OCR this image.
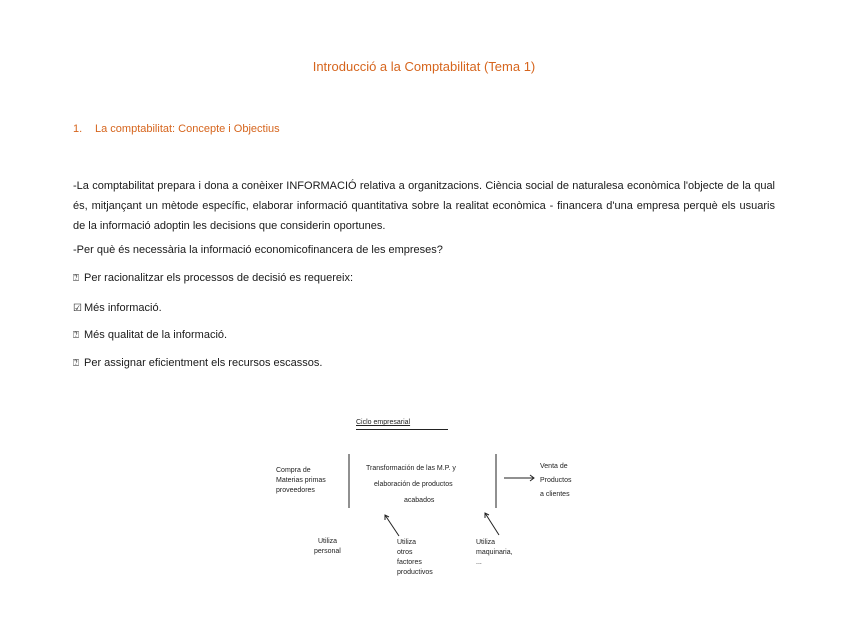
Introducció a la Comptabilitat (Tema 1)
1. La comptabilitat: Concepte i Objectius
-La comptabilitat prepara i dona a conèixer INFORMACIÓ relativa a organitzacions. Ciència social de naturalesa econòmica l'objecte de la qual és, mitjançant un mètode específic, elaborar informació quantitativa sobre la realitat econòmica - financera d'una empresa perquè els usuaris de la informació adoptin les decisions que considerin oportunes.
-Per què és necessària la informació economicofinancera de les empreses?
⍰ Per racionalitzar els processos de decisió es requereix:
☑ Més informació.
⍰ Més qualitat de la informació.
⍰ Per assignar eficientment els recursos escassos.
Ciclo empresarial
Compra de
Materias primas
proveedores
Transformación de las M.P. y
elaboración de productos
acabados
Venta de
Productos
a clientes
Utiliza
personal
Utiliza
otros
factores
productivos
Utiliza
maquinaria,
...
